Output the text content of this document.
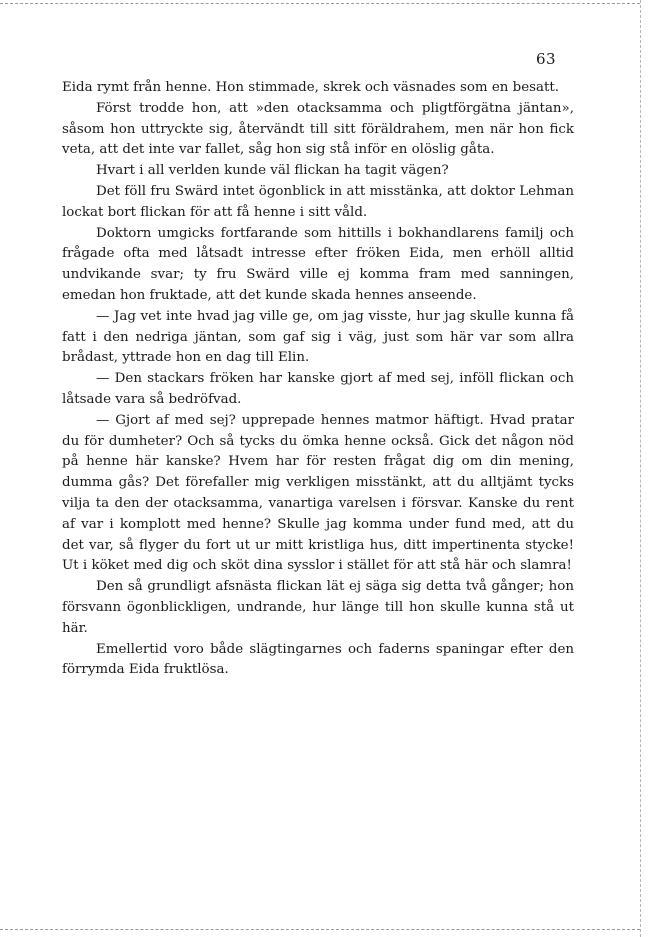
63

Eida rymt från henne. Hon stimmade, skrek och väsnades som en besatt.

Först trodde hon, att »den otacksamma och pligtförgätna jäntan», såsom hon uttryckte sig, återvändt till sitt föräldrahem, men när hon fick veta, att det inte var fallet, såg hon sig stå inför en olöslig gåta.

Hvart i all verlden kunde väl flickan ha tagit vägen?

Det föll fru Swärd intet ögonblick in att misstänka, att doktor Lehman lockat bort flickan för att få henne i sitt våld.

Doktorn umgicks fortfarande som hittills i bokhandlarens familj och frågade ofta med låtsadt intresse efter fröken Eida, men erhöll alltid undvikande svar; ty fru Swärd ville ej komma fram med sanningen, emedan hon fruktade, att det kunde skada hennes anseende.

— Jag vet inte hvad jag ville ge, om jag visste, hur jag skulle kunna få fatt i den nedriga jäntan, som gaf sig i väg, just som här var som allra brådast, yttrade hon en dag till Elin.

— Den stackars fröken har kanske gjort af med sej, inföll flickan och låtsade vara så bedröfvad.

— Gjort af med sej? upprepade hennes matmor häftigt. Hvad pratar du för dumheter? Och så tycks du ömka henne också. Gick det någon nöd på henne här kanske? Hvem har för resten frågat dig om din mening, dumma gås? Det förefaller mig verkligen misstänkt, att du alltjämt tycks vilja ta den der otacksamma, vanartiga varelsen i försvar. Kanske du rent af var i komplott med henne? Skulle jag komma under fund med, att du det var, så flyger du fort ut ur mitt kristliga hus, ditt impertinenta stycke! Ut i köket med dig och sköt dina sysslor i stället för att stå här och slamra!

Den så grundligt afsnästa flickan lät ej säga sig detta två gånger; hon försvann ögonblickligen, undrande, hur länge till hon skulle kunna stå ut här.

Emellertid voro både slägtingarnes och faderns spaningar efter den förrymda Eida fruktlösa.
